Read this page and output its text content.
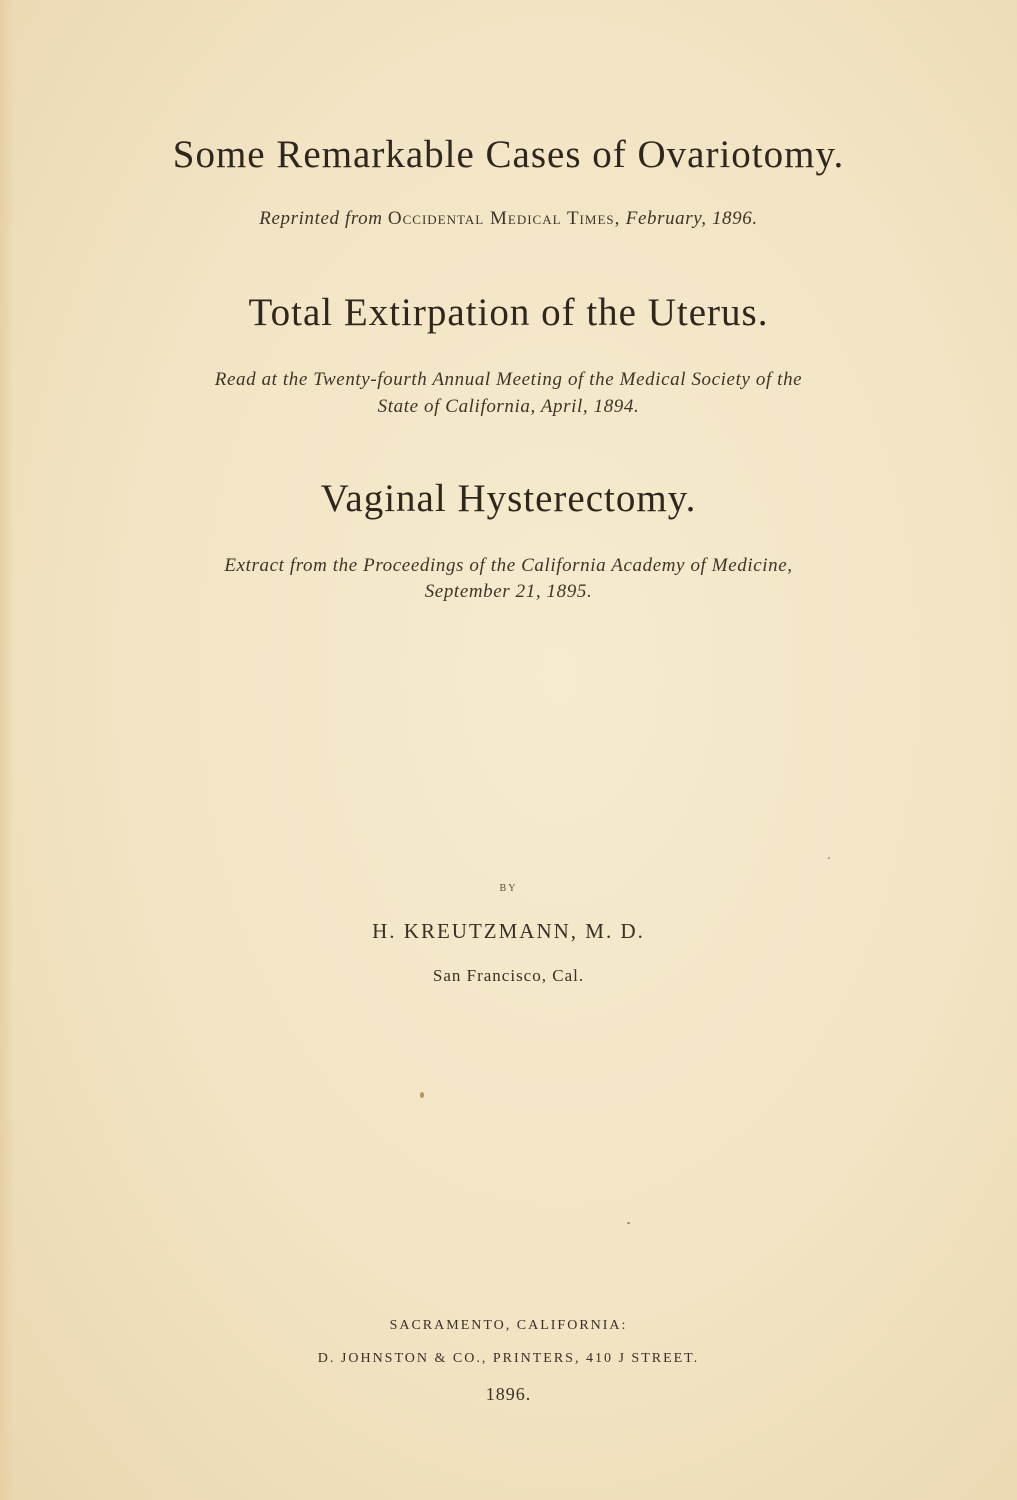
Some Remarkable Cases of Ovariotomy.
Reprinted from Occidental Medical Times, February, 1896.
Total Extirpation of the Uterus.
Read at the Twenty-fourth Annual Meeting of the Medical Society of the
State of California, April, 1894.
Vaginal Hysterectomy.
Extract from the Proceedings of the California Academy of Medicine,
September 21, 1895.
BY
H. KREUTZMANN, M. D.
San Francisco, Cal.
SACRAMENTO, CALIFORNIA:
D. JOHNSTON & CO., PRINTERS, 410 J STREET.
1896.
